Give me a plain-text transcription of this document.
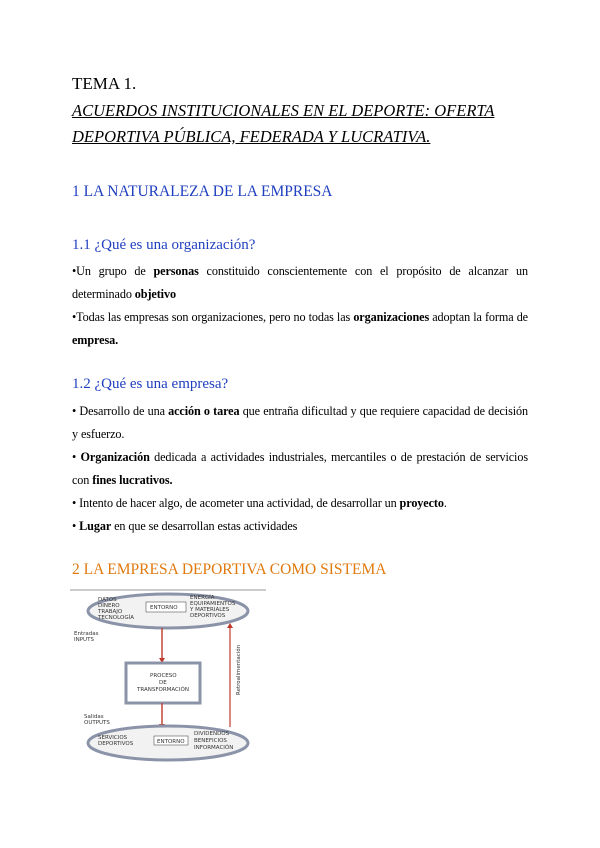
TEMA 1.
ACUERDOS INSTITUCIONALES EN EL DEPORTE: OFERTA
DEPORTIVA PÚBLICA, FEDERADA Y LUCRATIVA.
1 LA NATURALEZA DE LA EMPRESA
1.1 ¿Qué es una organización?
•Un grupo de personas constituido conscientemente con el propósito de alcanzar un determinado objetivo
•Todas las empresas son organizaciones, pero no todas las organizaciones adoptan la forma de empresa.
1.2 ¿Qué es una empresa?
• Desarrollo de una acción o tarea que entraña dificultad y que requiere capacidad de decisión y esfuerzo.
• Organización dedicada a actividades industriales, mercantiles o de prestación de servicios con fines lucrativos.
• Intento de hacer algo, de acometer una actividad, de desarrollar un proyecto.
• Lugar en que se desarrollan estas actividades
2 LA EMPRESA DEPORTIVA COMO SISTEMA
DATOS
DINERO
TRABAJO
TECNOLOGÍA
ENTORNO
ENERGÍA
EQUIPAMIENTOS
Y MATERIALES
DEPORTIVOS
Entradas
INPUTS
PROCESO
DE
TRANSFORMACIÓN
Salidas
OUTPUTS
Retroalimentación
SERVICIOS
DEPORTIVOS	ENTORNO
DIVIDENDOS
BENEFICIOS
INFORMACIÓN
